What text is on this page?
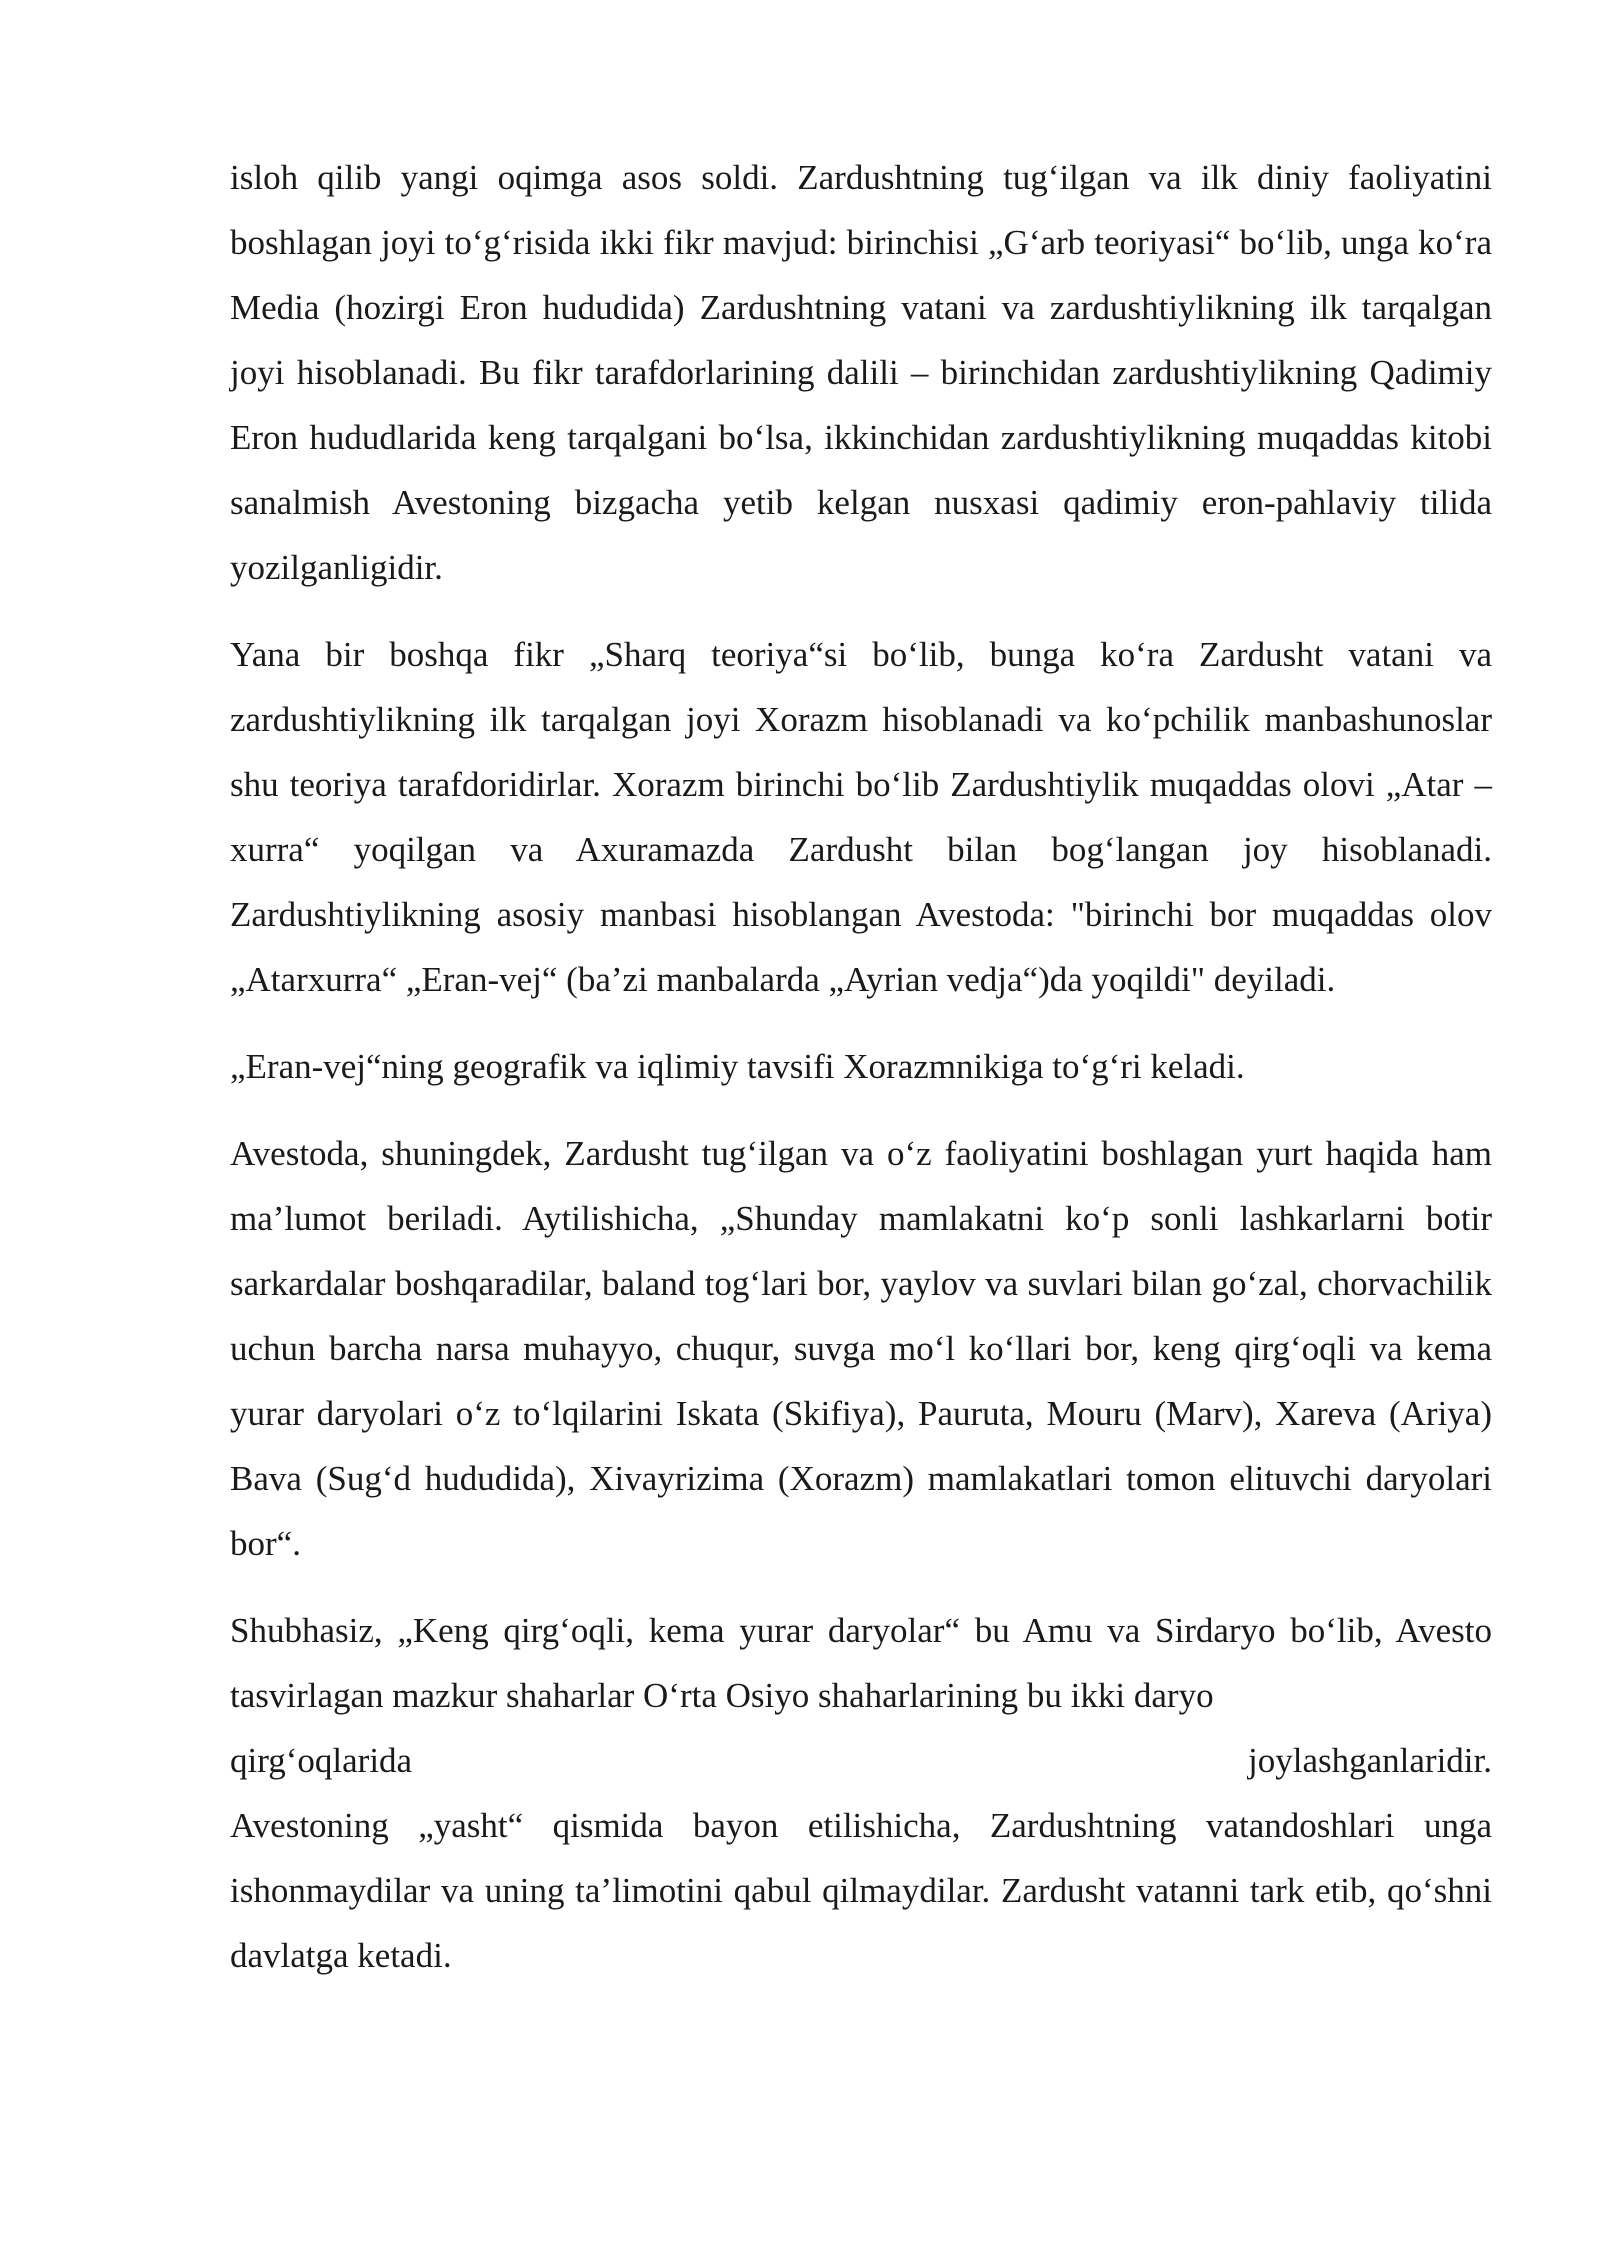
isloh qilib yangi oqimga asos soldi. Zardushtning tug‘ilgan va ilk diniy faoliyatini boshlagan joyi to‘g‘risida ikki fikr mavjud: birinchisi „G‘arb teoriyasi“ bo‘lib, unga ko‘ra Media (hozirgi Eron hududida) Zardushtning vatani va zardushtiylikning ilk tarqalgan joyi hisoblanadi. Bu fikr tarafdorlarining dalili – birinchidan zardushtiylikning Qadimiy Eron hududlarida keng tarqalgani bo‘lsa, ikkinchidan zardushtiylikning muqaddas kitobi sanalmish Avestoning bizgacha yetib kelgan nusxasi qadimiy eron-pahlaviy tilida yozilganligidir.

Yana bir boshqa fikr „Sharq teoriya“si bo‘lib, bunga ko‘ra Zardusht vatani va zardushtiylikning ilk tarqalgan joyi Xorazm hisoblanadi va ko‘pchilik manbashunoslar shu teoriya tarafdoridirlar. Xorazm birinchi bo‘lib Zardushtiylik muqaddas olovi „Atar – xurra“ yoqilgan va Axuramazda Zardusht bilan bog‘langan joy hisoblanadi. Zardushtiylikning asosiy manbasi hisoblangan Avestoda: "birinchi bor muqaddas olov „Atarxurra“ „Eran-vej“ (ba’zi manbalarda „Ayrian vedja“)da yoqildi" deyiladi.

„Eran-vej“ning geografik va iqlimiy tavsifi Xorazmnikiga to‘g‘ri keladi.

Avestoda, shuningdek, Zardusht tug‘ilgan va o‘z faoliyatini boshlagan yurt haqida ham ma’lumot beriladi. Aytilishicha, „Shunday mamlakatni ko‘p sonli lashkarlarni botir sarkardalar boshqaradilar, baland tog‘lari bor, yaylov va suvlari bilan go‘zal, chorvachilik uchun barcha narsa muhayyo, chuqur, suvga mo‘l ko‘llari bor, keng qirg‘oqli va kema yurar daryolari o‘z to‘lqilarini Iskata (Skifiya), Pauruta, Mouru (Marv), Xareva (Ariya) Bava (Sug‘d hududida), Xivayrizima (Xorazm) mamlakatlari tomon elituvchi daryolari bor“.

Shubhasiz, „Keng qirg‘oqli, kema yurar daryolar“ bu Amu va Sirdaryo bo‘lib, Avesto tasvirlagan mazkur shaharlar O‘rta Osiyo shaharlarining bu ikki daryo
qirg‘oqlarida joylashganlaridir.
Avestoning „yasht“ qismida bayon etilishicha, Zardushtning vatandoshlari unga ishonmaydilar va uning ta’limotini qabul qilmaydilar. Zardusht vatanni tark etib, qo‘shni davlatga ketadi.
